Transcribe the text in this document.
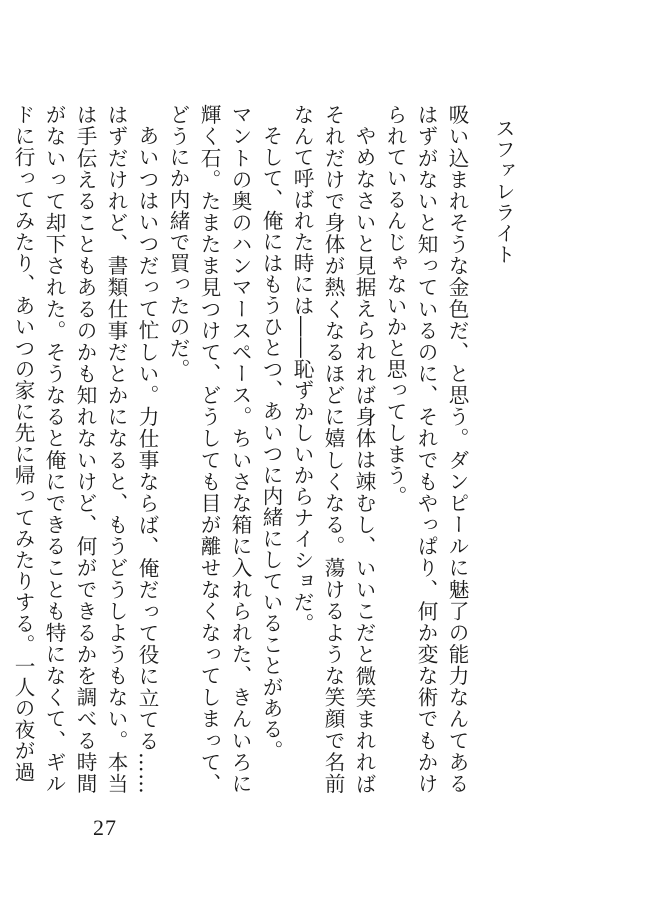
スファレライト

吸い込まれそうな金色だ、と思う。ダンピールに魅了の能力なんてあるはずがないと知っているのに、それでもやっぱり、何か変な術でもかけられているんじゃないかと思ってしまう。

やめなさいと見据えられれば身体は竦むし、いいこだと微笑まれればそれだけで身体が熱くなるほどに嬉しくなる。蕩けるような笑顔で名前なんて呼ばれた時には――恥ずかしいからナイショだ。

そして、俺にはもうひとつ、あいつに内緒にしていることがある。

マントの奥のハンマースペース。ちいさな箱に入れられた、きんいろに輝く石。たまたま見つけて、どうしても目が離せなくなってしまって、どうにか内緒で買ったのだ。

あいつはいつだって忙しい。力仕事ならば、俺だって役に立てる……はずだけれど、書類仕事だとかになると、もうどうしようもない。本当は手伝えることもあるのかも知れないけど、何ができるかを調べる時間がないって却下された。そうなると俺にできることも特になくて、ギルドに行ってみたり、あいつの家に先に帰ってみたりする。一人の夜が過

27
